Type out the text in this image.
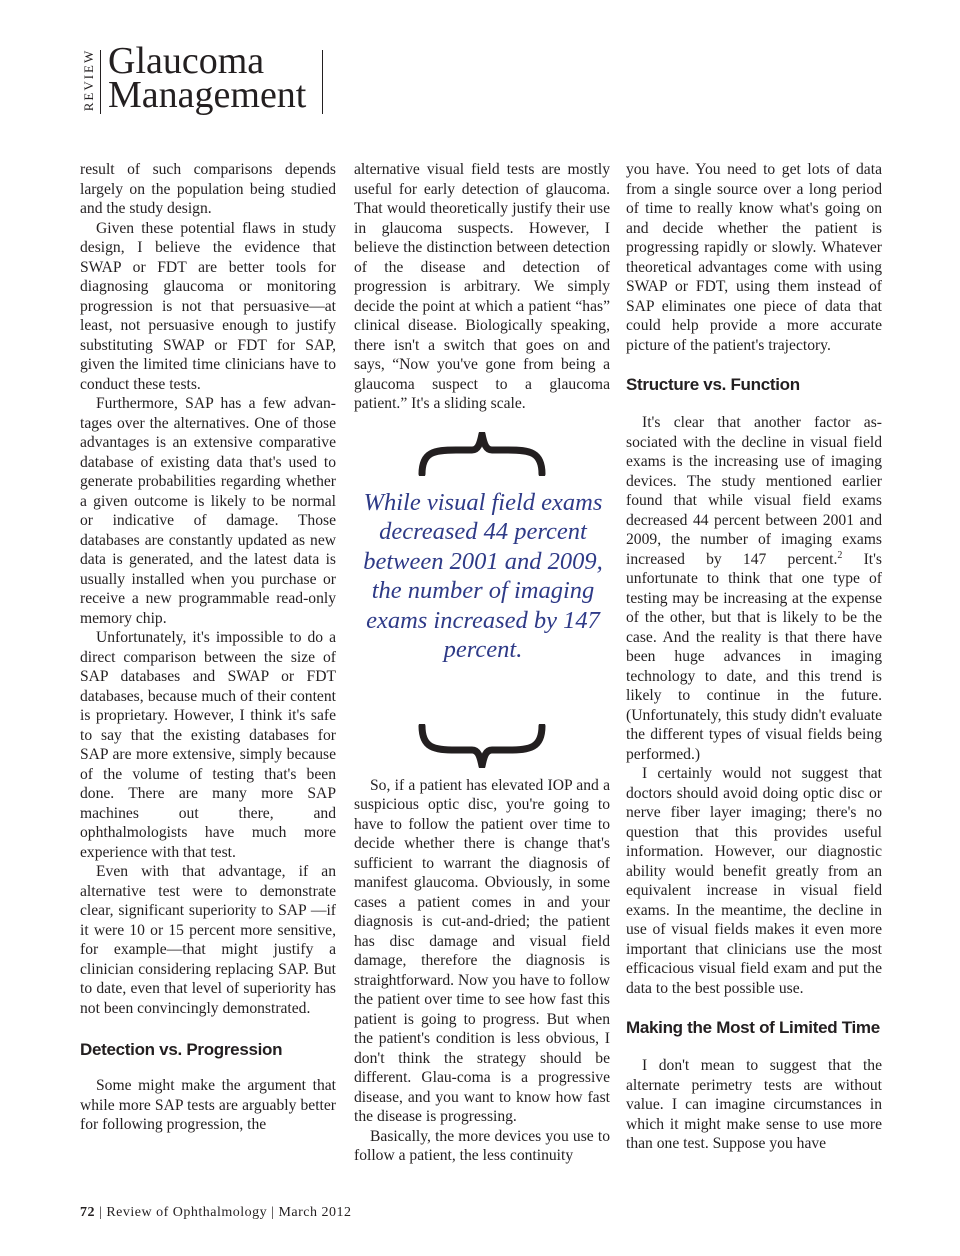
REVIEW Glaucoma
Management

result of such comparisons depends largely on the population being studied and the study design.

Given these potential flaws in study design, I believe the evidence that SWAP or FDT are better tools for diagnosing glaucoma or monitoring progression is not that persuasive—at least, not persuasive enough to justify substituting SWAP or FDT for SAP, given the limited time clinicians have to conduct these tests.

Furthermore, SAP has a few advan-tages over the alternatives. One of those advantages is an extensive comparative database of existing data that's used to generate probabilities regarding whether a given outcome is likely to be normal or indicative of damage. Those databases are constantly updated as new data is generated, and the latest data is usually installed when you purchase or receive a new programmable read-only memory chip.

Unfortunately, it's impossible to do a direct comparison between the size of SAP databases and SWAP or FDT databases, because much of their content is proprietary. However, I think it's safe to say that the existing databases for SAP are more extensive, simply because of the volume of testing that's been done. There are many more SAP machines out there, and ophthalmologists have much more experience with that test.

Even with that advantage, if an alternative test were to demonstrate clear, significant superiority to SAP —if it were 10 or 15 percent more sensitive, for example—that might justify a clinician considering replacing SAP. But to date, even that level of superiority has not been convincingly demonstrated.

Detection vs. Progression

Some might make the argument that while more SAP tests are arguably better for following progression, the

alternative visual field tests are mostly useful for early detection of glaucoma. That would theoretically justify their use in glaucoma suspects. However, I believe the distinction between detection of the disease and detection of progression is arbitrary. We simply decide the point at which a patient “has” clinical disease. Biologically speaking, there isn't a switch that goes on and says, “Now you've gone from being a glaucoma suspect to a glaucoma patient.” It's a sliding scale.

While visual field exams decreased 44 percent between 2001 and 2009, the number of imaging exams increased by 147 percent.

So, if a patient has elevated IOP and a suspicious optic disc, you're going to have to follow the patient over time to decide whether there is change that's sufficient to warrant the diagnosis of manifest glaucoma. Obviously, in some cases a patient comes in and your diagnosis is cut-and-dried; the patient has disc damage and visual field damage, therefore the diagnosis is straightforward. Now you have to follow the patient over time to see how fast this patient is going to progress. But when the patient's condition is less obvious, I don't think the strategy should be different. Glau-coma is a progressive disease, and you want to know how fast the disease is progressing.

Basically, the more devices you use to follow a patient, the less continuity

you have. You need to get lots of data from a single source over a long period of time to really know what's going on and decide whether the patient is progressing rapidly or slowly. Whatever theoretical advantages come with using SWAP or FDT, using them instead of SAP eliminates one piece of data that could help provide a more accurate picture of the patient's trajectory.

Structure vs. Function

It's clear that another factor as-sociated with the decline in visual field exams is the increasing use of imaging devices. The study mentioned earlier found that while visual field exams decreased 44 percent between 2001 and 2009, the number of imaging exams increased by 147 percent.$^2$ It's unfortunate to think that one type of testing may be increasing at the expense of the other, but that is likely to be the case. And the reality is that there have been huge advances in imaging technology to date, and this trend is likely to continue in the future. (Unfortunately, this study didn't evaluate the different types of visual fields being performed.)

I certainly would not suggest that doctors should avoid doing optic disc or nerve fiber layer imaging; there's no question that this provides useful information. However, our diagnostic ability would benefit greatly from an equivalent increase in visual field exams. In the meantime, the decline in use of visual fields makes it even more important that clinicians use the most efficacious visual field exam and put the data to the best possible use.

Making the Most of Limited Time

I don't mean to suggest that the alternate perimetry tests are without value. I can imagine circumstances in which it might make sense to use more than one test. Suppose you have

72 | Review of Ophthalmology | March 2012
